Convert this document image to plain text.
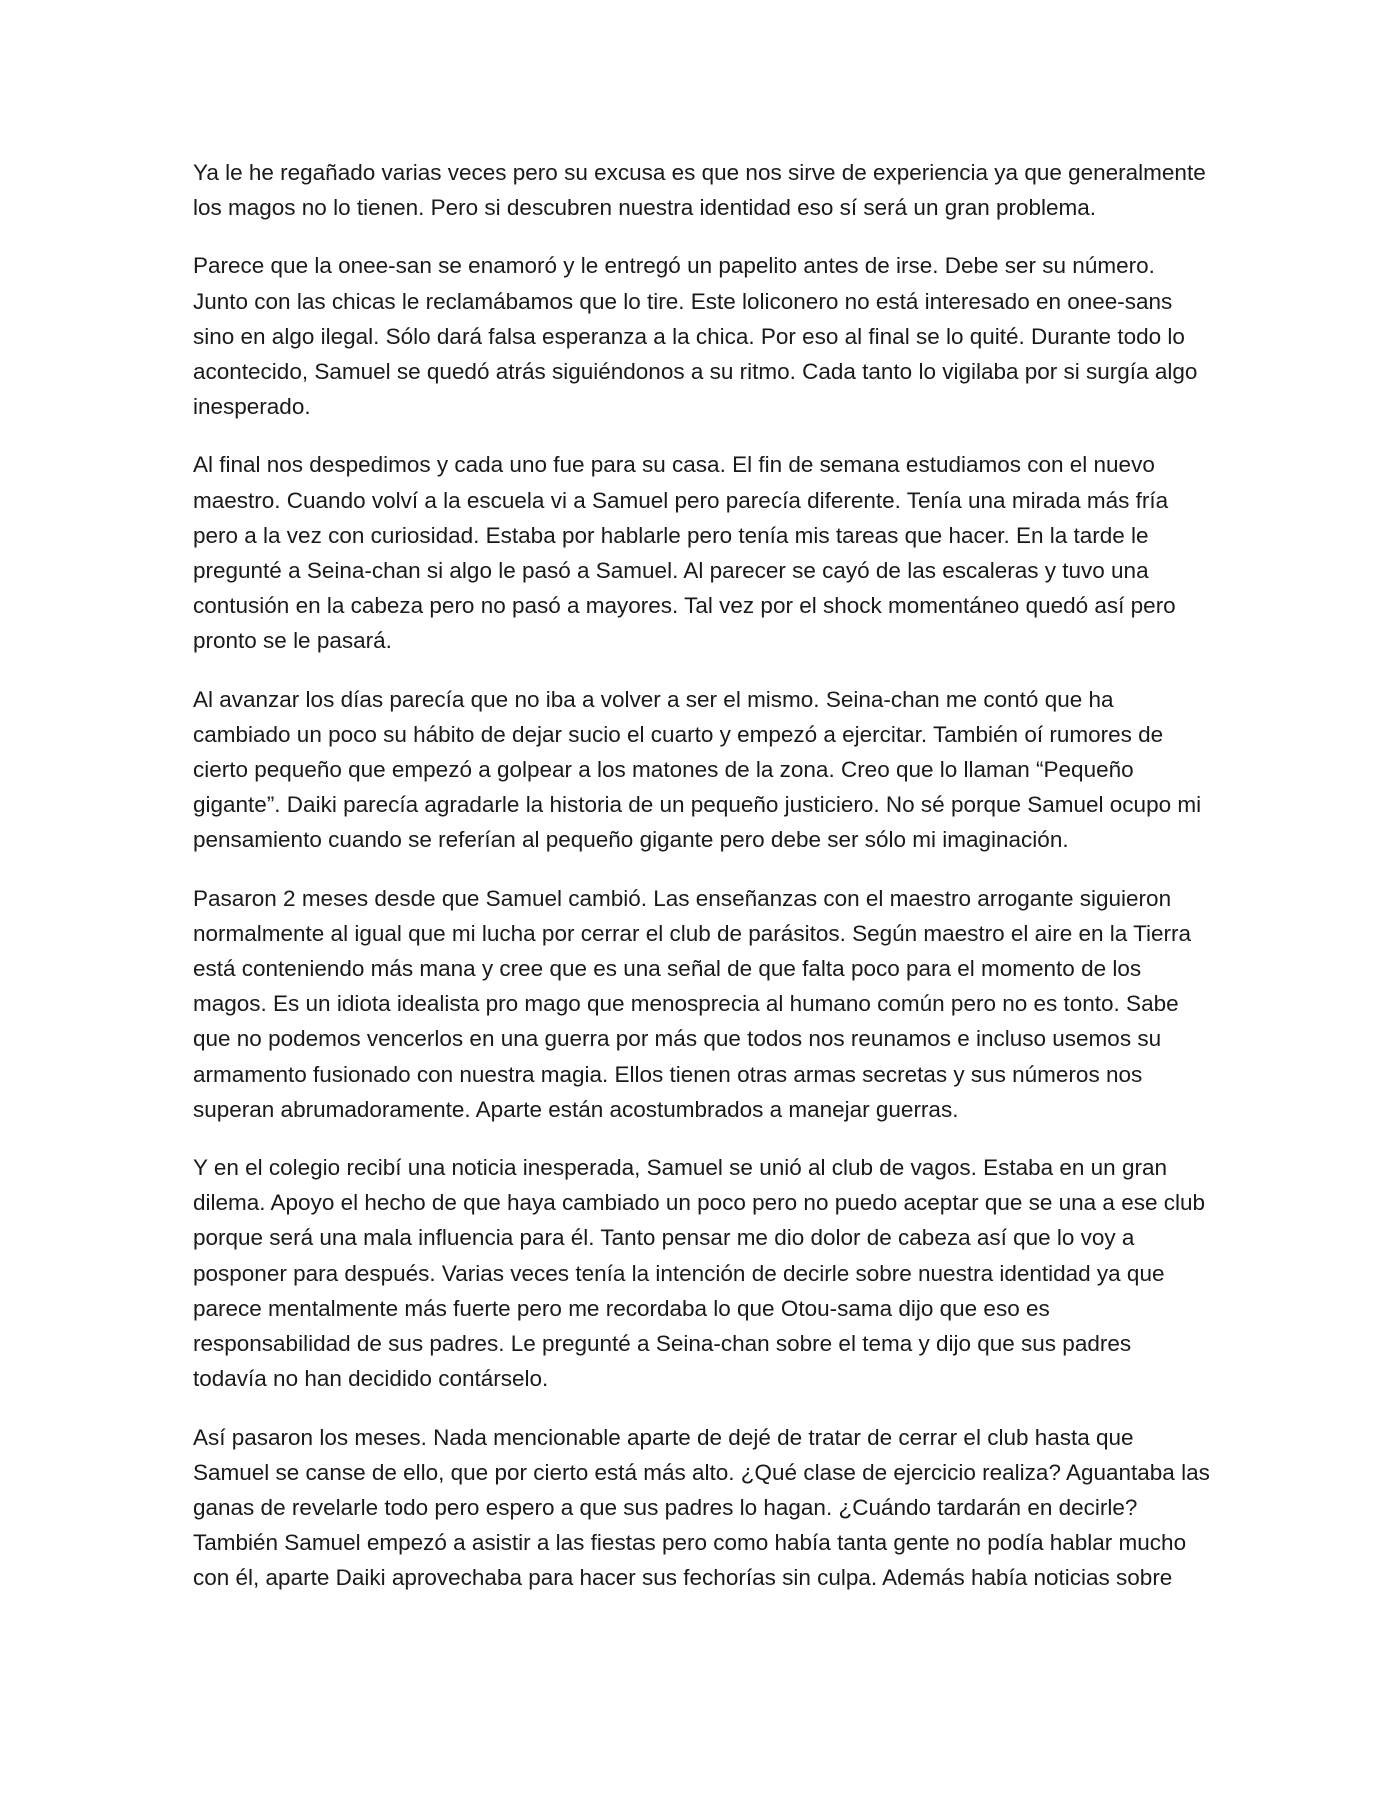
Ya le he regañado varias veces pero su excusa es que nos sirve de experiencia ya que generalmente los magos no lo tienen. Pero si descubren nuestra identidad eso sí será un gran problema.

Parece que la onee-san se enamoró y le entregó un papelito antes de irse. Debe ser su número. Junto con las chicas le reclamábamos que lo tire. Este loliconero no está interesado en onee-sans sino en algo ilegal. Sólo dará falsa esperanza a la chica. Por eso al final se lo quité. Durante todo lo acontecido, Samuel se quedó atrás siguiéndonos a su ritmo. Cada tanto lo vigilaba por si surgía algo inesperado.

Al final nos despedimos y cada uno fue para su casa. El fin de semana estudiamos con el nuevo maestro. Cuando volví a la escuela vi a Samuel pero parecía diferente. Tenía una mirada más fría pero a la vez con curiosidad. Estaba por hablarle pero tenía mis tareas que hacer. En la tarde le pregunté a Seina-chan si algo le pasó a Samuel. Al parecer se cayó de las escaleras y tuvo una contusión en la cabeza pero no pasó a mayores. Tal vez por el shock momentáneo quedó así pero pronto se le pasará.

Al avanzar los días parecía que no iba a volver a ser el mismo. Seina-chan me contó que ha cambiado un poco su hábito de dejar sucio el cuarto y empezó a ejercitar. También oí rumores de cierto pequeño que empezó a golpear a los matones de la zona. Creo que lo llaman “Pequeño gigante”. Daiki parecía agradarle la historia de un pequeño justiciero. No sé porque Samuel ocupo mi pensamiento cuando se referían al pequeño gigante pero debe ser sólo mi imaginación.

Pasaron 2 meses desde que Samuel cambió. Las enseñanzas con el maestro arrogante siguieron normalmente al igual que mi lucha por cerrar el club de parásitos. Según maestro el aire en la Tierra está conteniendo más mana y cree que es una señal de que falta poco para el momento de los magos. Es un idiota idealista pro mago que menosprecia al humano común pero no es tonto. Sabe que no podemos vencerlos en una guerra por más que todos nos reunamos e incluso usemos su armamento fusionado con nuestra magia. Ellos tienen otras armas secretas y sus números nos superan abrumadoramente. Aparte están acostumbrados a manejar guerras.

Y en el colegio recibí una noticia inesperada, Samuel se unió al club de vagos. Estaba en un gran dilema. Apoyo el hecho de que haya cambiado un poco pero no puedo aceptar que se una a ese club porque será una mala influencia para él. Tanto pensar me dio dolor de cabeza así que lo voy a posponer para después. Varias veces tenía la intención de decirle sobre nuestra identidad ya que parece mentalmente más fuerte pero me recordaba lo que Otou-sama dijo que eso es responsabilidad de sus padres. Le pregunté a Seina-chan sobre el tema y dijo que sus padres todavía no han decidido contárselo.

Así pasaron los meses. Nada mencionable aparte de dejé de tratar de cerrar el club hasta que Samuel se canse de ello, que por cierto está más alto. ¿Qué clase de ejercicio realiza? Aguantaba las ganas de revelarle todo pero espero a que sus padres lo hagan. ¿Cuándo tardarán en decirle? También Samuel empezó a asistir a las fiestas pero como había tanta gente no podía hablar mucho con él, aparte Daiki aprovechaba para hacer sus fechorías sin culpa. Además había noticias sobre
